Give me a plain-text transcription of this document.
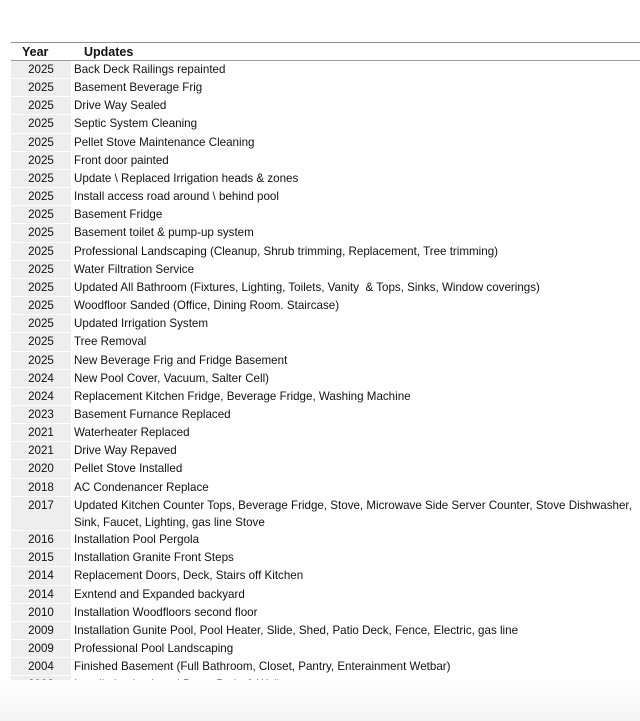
Year	Updates
2025	Back Deck Railings repainted
2025	Basement Beverage Frig
2025	Drive Way Sealed
2025	Septic System Cleaning
2025	Pellet Stove Maintenance Cleaning
2025	Front door painted
2025	Update \ Replaced Irrigation heads & zones
2025	Install access road around \ behind pool
2025	Basement Fridge
2025	Basement toilet & pump-up system
2025	Professional Landscaping (Cleanup, Shrub trimming, Replacement, Tree trimming)
2025	Water Filtration Service
2025	Updated All Bathroom (Fixtures, Lighting, Toilets, Vanity  & Tops, Sinks, Window coverings)
2025	Woodfloor Sanded (Office, Dining Room. Staircase)
2025	Updated Irrigation System
2025	Tree Removal
2025	New Beverage Frig and Fridge Basement
2024	New Pool Cover, Vacuum, Salter Cell)
2024	Replacement Kitchen Fridge, Beverage Fridge, Washing Machine
2023	Basement Furnance Replaced
2021	Waterheater Replaced
2021	Drive Way Repaved
2020	Pellet Stove Installed
2018	AC Condenancer Replace
2017	Updated Kitchen Counter Tops, Beverage Fridge, Stove, Microwave Side Server Counter, Stove Dishwasher,
Sink, Faucet, Lighting, gas line Stove
2016	Installation Pool Pergola
2015	Installation Granite Front Steps
2014	Replacement Doors, Deck, Stairs off Kitchen
2014	Exntend and Expanded backyard
2010	Installation Woodfloors second floor
2009	Installation Gunite Pool, Pool Heater, Slide, Shed, Patio Deck, Fence, Electric, gas line
2009	Professional Pool Landscaping
2004	Finished Basement (Full Bathroom, Closet, Pantry, Enterainment Wetbar)
